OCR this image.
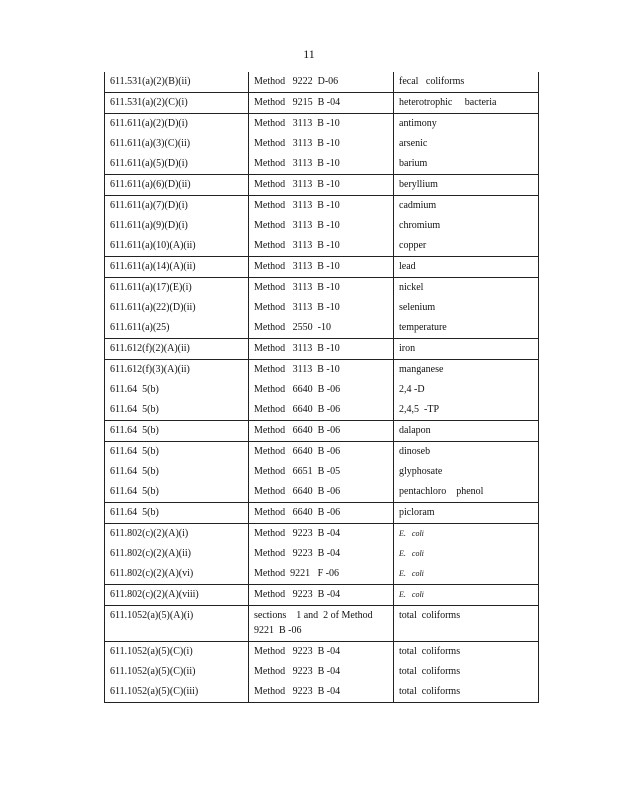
11
611.531(a)(2)(B)(ii)	Method   9222  D-06	fecal   coliforms
611.531(a)(2)(C)(i)	Method   9215  B -04	heterotrophic     bacteria
611.611(a)(2)(D)(i)	Method   3113  B -10	antimony
611.611(a)(3)(C)(ii)	Method   3113  B -10	arsenic
611.611(a)(5)(D)(i)	Method   3113  B -10	barium
611.611(a)(6)(D)(ii)	Method   3113  B -10	beryllium
611.611(a)(7)(D)(i)	Method   3113  B -10	cadmium
611.611(a)(9)(D)(i)	Method   3113  B -10	chromium
611.611(a)(10)(A)(ii)	Method   3113  B -10	copper
611.611(a)(14)(A)(ii)	Method   3113  B -10	lead
611.611(a)(17)(E)(i)	Method   3113  B -10	nickel
611.611(a)(22)(D)(ii)	Method   3113  B -10	selenium
611.611(a)(25)	Method   2550  -10	temperature
611.612(f)(2)(A)(ii)	Method   3113  B -10	iron
611.612(f)(3)(A)(ii)	Method   3113  B -10	manganese
611.64  5(b)	Method   6640  B -06	2,4 -D
611.64  5(b)	Method   6640  B -06	2,4,5  -TP
611.64  5(b)	Method   6640  B -06	dalapon
611.64  5(b)	Method   6640  B -06	dinoseb
611.64  5(b)	Method   6651  B -05	glyphosate
611.64  5(b)	Method   6640  B -06	pentachloro    phenol
611.64  5(b)	Method   6640  B -06	picloram
611.802(c)(2)(A)(i)	Method   9223  B -04	E.   coli
611.802(c)(2)(A)(ii)	Method   9223  B -04	E.   coli
611.802(c)(2)(A)(vi)	Method  9221   F -06	E.   coli
611.802(c)(2)(A)(viii)	Method   9223  B -04	E.   coli
611.1052(a)(5)(A)(i)	sections    1 and  2 of Method 9221  B -06	total  coliforms
611.1052(a)(5)(C)(i)	Method   9223  B -04	total  coliforms
611.1052(a)(5)(C)(ii)	Method   9223  B -04	total  coliforms
611.1052(a)(5)(C)(iii)	Method   9223  B -04	total  coliforms
